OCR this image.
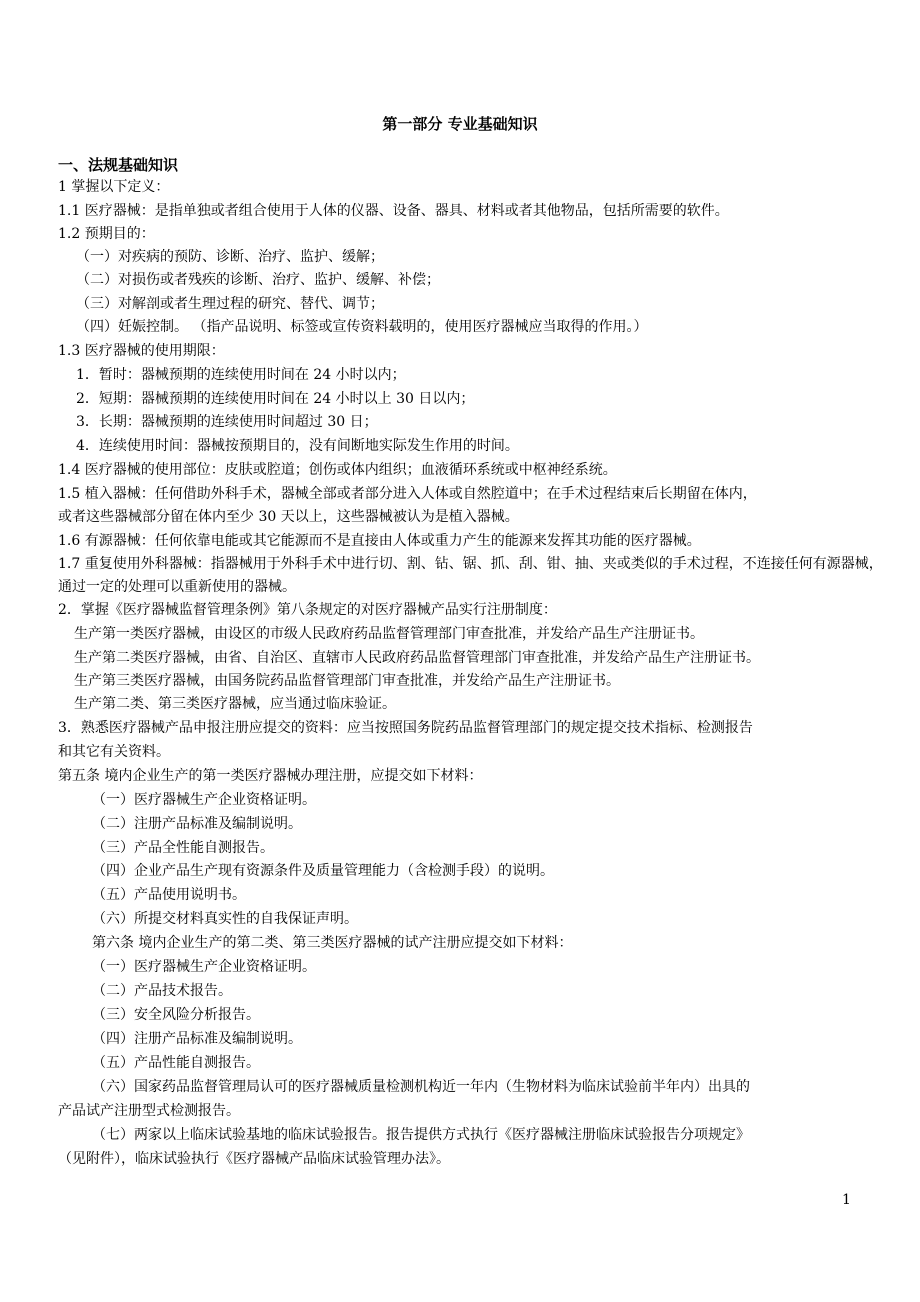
第一部分 专业基础知识
一、法规基础知识
1 掌握以下定义：
1.1 医疗器械：是指单独或者组合使用于人体的仪器、设备、器具、材料或者其他物品，包括所需要的软件。
1.2 预期目的：
（一）对疾病的预防、诊断、治疗、监护、缓解；
（二）对损伤或者残疾的诊断、治疗、监护、缓解、补偿；
（三）对解剖或者生理过程的研究、替代、调节；
（四）妊娠控制。 （指产品说明、标签或宣传资料载明的，使用医疗器械应当取得的作用。）
1.3 医疗器械的使用期限：
1．暂时：器械预期的连续使用时间在 24 小时以内；
2．短期：器械预期的连续使用时间在 24 小时以上 30 日以内；
3．长期：器械预期的连续使用时间超过 30 日；
4．连续使用时间：器械按预期目的，没有间断地实际发生作用的时间。
1.4 医疗器械的使用部位：皮肤或腔道；创伤或体内组织；血液循环系统或中枢神经系统。
1.5 植入器械：任何借助外科手术，器械全部或者部分进入人体或自然腔道中；在手术过程结束后长期留在体内，
或者这些器械部分留在体内至少 30 天以上，这些器械被认为是植入器械。
1.6 有源器械：任何依靠电能或其它能源而不是直接由人体或重力产生的能源来发挥其功能的医疗器械。
1.7 重复使用外科器械：指器械用于外科手术中进行切、割、钻、锯、抓、刮、钳、抽、夹或类似的手术过程，不连接任何有源器械，
通过一定的处理可以重新使用的器械。
2．掌握《医疗器械监督管理条例》第八条规定的对医疗器械产品实行注册制度：
生产第一类医疗器械，由设区的市级人民政府药品监督管理部门审查批准，并发给产品生产注册证书。
生产第二类医疗器械，由省、自治区、直辖市人民政府药品监督管理部门审查批准，并发给产品生产注册证书。
生产第三类医疗器械，由国务院药品监督管理部门审查批准，并发给产品生产注册证书。
生产第二类、第三类医疗器械，应当通过临床验证。
3．熟悉医疗器械产品申报注册应提交的资料：应当按照国务院药品监督管理部门的规定提交技术指标、检测报告
和其它有关资料。
第五条 境内企业生产的第一类医疗器械办理注册，应提交如下材料：
（一）医疗器械生产企业资格证明。
（二）注册产品标准及编制说明。
（三）产品全性能自测报告。
（四）企业产品生产现有资源条件及质量管理能力（含检测手段）的说明。
（五）产品使用说明书。
（六）所提交材料真实性的自我保证声明。
第六条 境内企业生产的第二类、第三类医疗器械的试产注册应提交如下材料：
（一）医疗器械生产企业资格证明。
（二）产品技术报告。
（三）安全风险分析报告。
（四）注册产品标准及编制说明。
（五）产品性能自测报告。
（六）国家药品监督管理局认可的医疗器械质量检测机构近一年内（生物材料为临床试验前半年内）出具的
产品试产注册型式检测报告。
（七）两家以上临床试验基地的临床试验报告。报告提供方式执行《医疗器械注册临床试验报告分项规定》
（见附件），临床试验执行《医疗器械产品临床试验管理办法》。
1
